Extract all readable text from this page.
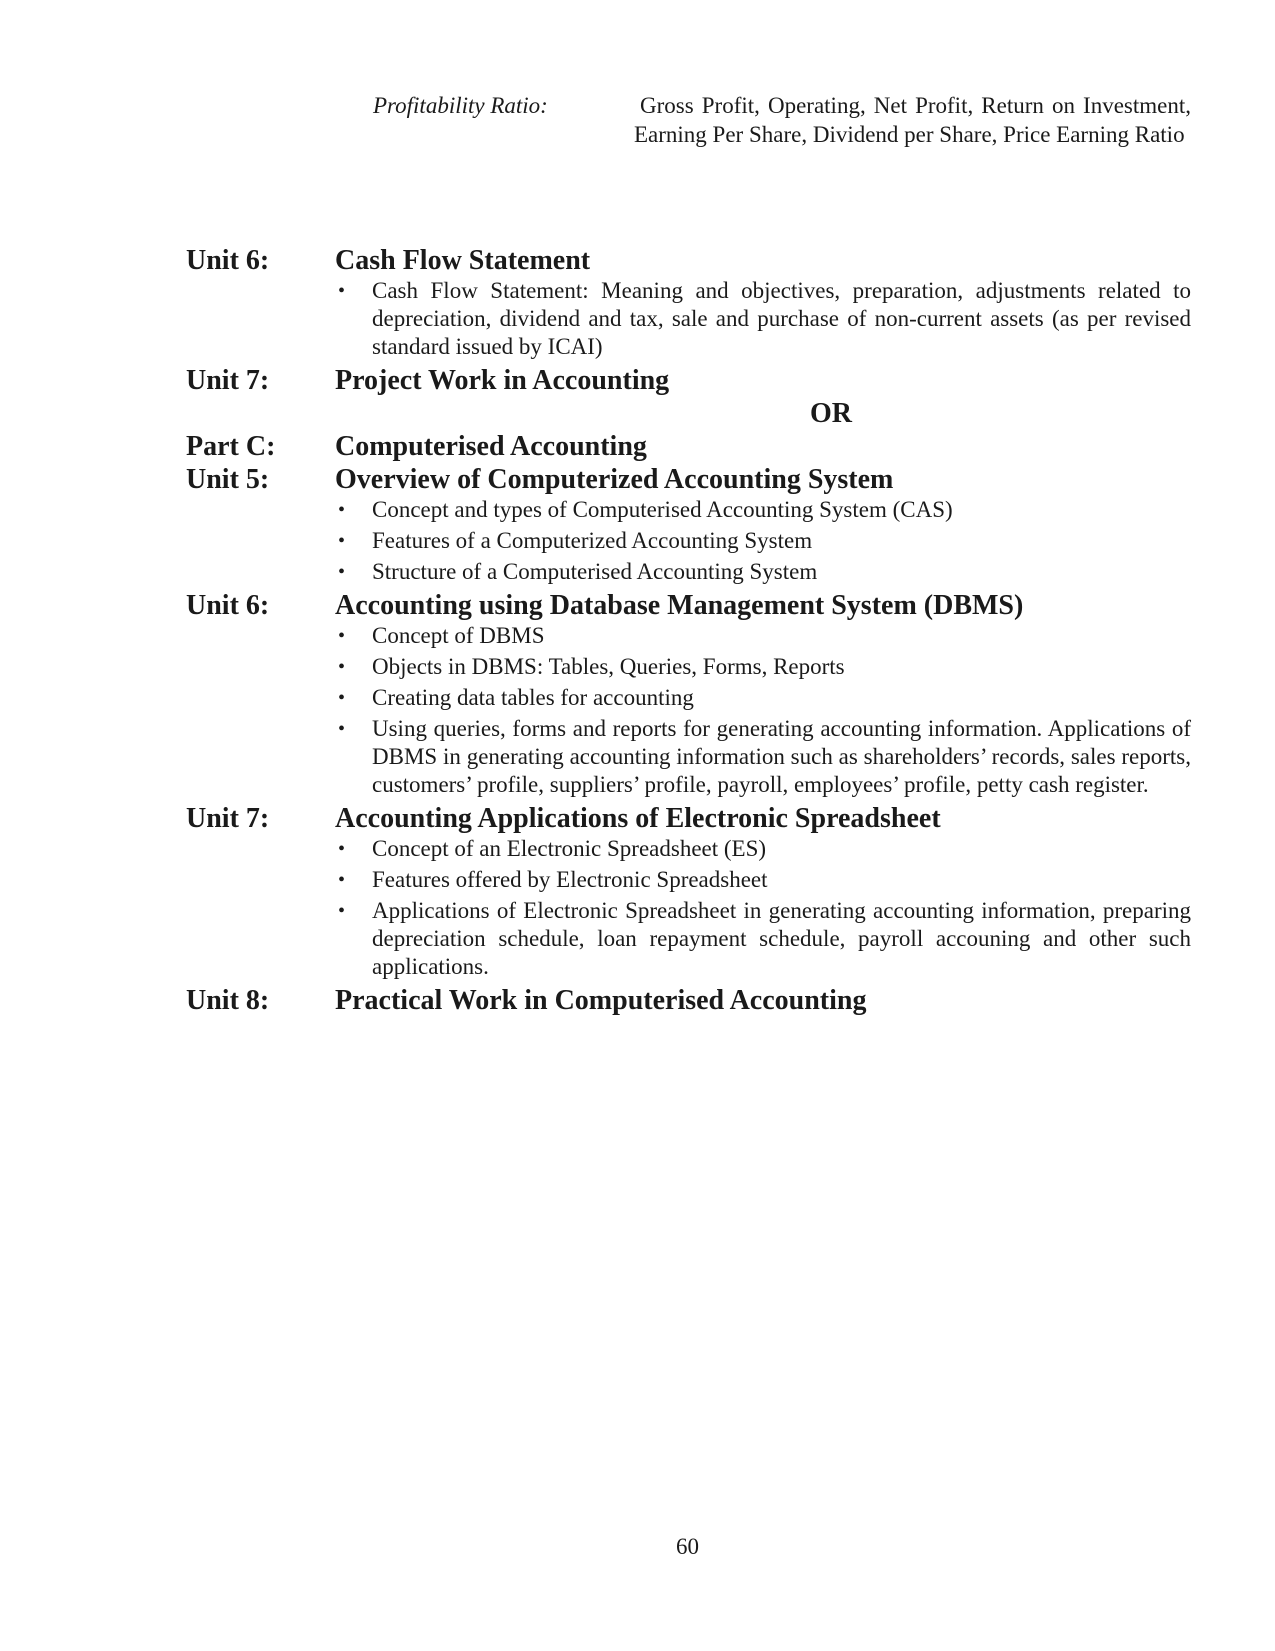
Profitability Ratio:	Gross Profit, Operating, Net Profit, Return on Investment, Earning Per Share, Dividend per Share, Price Earning Ratio
Unit 6:	Cash Flow Statement
• Cash Flow Statement: Meaning and objectives, preparation, adjustments related to depreciation, dividend and tax, sale and purchase of non-current assets (as per revised standard issued by ICAI)
Unit 7:	Project Work in Accounting
OR
Part C:	Computerised Accounting
Unit 5:	Overview of Computerized Accounting System
• Concept and types of Computerised Accounting System (CAS)
• Features of a Computerized Accounting System
• Structure of a Computerised Accounting System
Unit 6:	Accounting using Database Management System (DBMS)
• Concept of DBMS
• Objects in DBMS: Tables, Queries, Forms, Reports
• Creating data tables for accounting
• Using queries, forms and reports for generating accounting information. Applications of DBMS in generating accounting information such as shareholders’ records, sales reports, customers’ profile, suppliers’ profile, payroll, employees’ profile, petty cash register.
Unit 7:	Accounting Applications of Electronic Spreadsheet
• Concept of an Electronic Spreadsheet (ES)
• Features offered by Electronic Spreadsheet
• Applications of Electronic Spreadsheet in generating accounting information, preparing depreciation schedule, loan repayment schedule, payroll accouning and other such applications.
Unit 8:	Practical Work in Computerised Accounting
60
